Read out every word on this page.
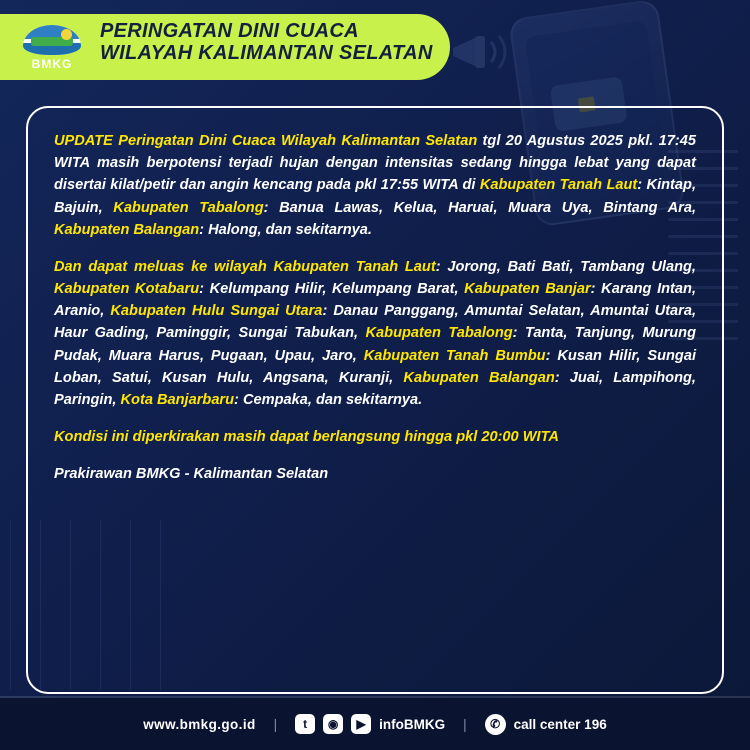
BMKG
PERINGATAN DINI CUACA
WILAYAH KALIMANTAN SELATAN

UPDATE Peringatan Dini Cuaca Wilayah Kalimantan Selatan tgl 20 Agustus 2025 pkl. 17:45 WITA masih berpotensi terjadi hujan dengan intensitas sedang hingga lebat yang dapat disertai kilat/petir dan angin kencang pada pkl 17:55 WITA di Kabupaten Tanah Laut: Kintap, Bajuin, Kabupaten Tabalong: Banua Lawas, Kelua, Haruai, Muara Uya, Bintang Ara, Kabupaten Balangan: Halong, dan sekitarnya.

Dan dapat meluas ke wilayah Kabupaten Tanah Laut: Jorong, Bati Bati, Tambang Ulang, Kabupaten Kotabaru: Kelumpang Hilir, Kelumpang Barat, Kabupaten Banjar: Karang Intan, Aranio, Kabupaten Hulu Sungai Utara: Danau Panggang, Amuntai Selatan, Amuntai Utara, Haur Gading, Paminggir, Sungai Tabukan, Kabupaten Tabalong: Tanta, Tanjung, Murung Pudak, Muara Harus, Pugaan, Upau, Jaro, Kabupaten Tanah Bumbu: Kusan Hilir, Sungai Loban, Satui, Kusan Hulu, Angsana, Kuranji, Kabupaten Balangan: Juai, Lampihong, Paringin, Kota Banjarbaru: Cempaka, dan sekitarnya.

Kondisi ini diperkirakan masih dapat berlangsung hingga pkl 20:00 WITA

Prakirawan BMKG - Kalimantan Selatan

www.bmkg.go.id |	t	◉	▶ infoBMKG |	✆ call center 196
